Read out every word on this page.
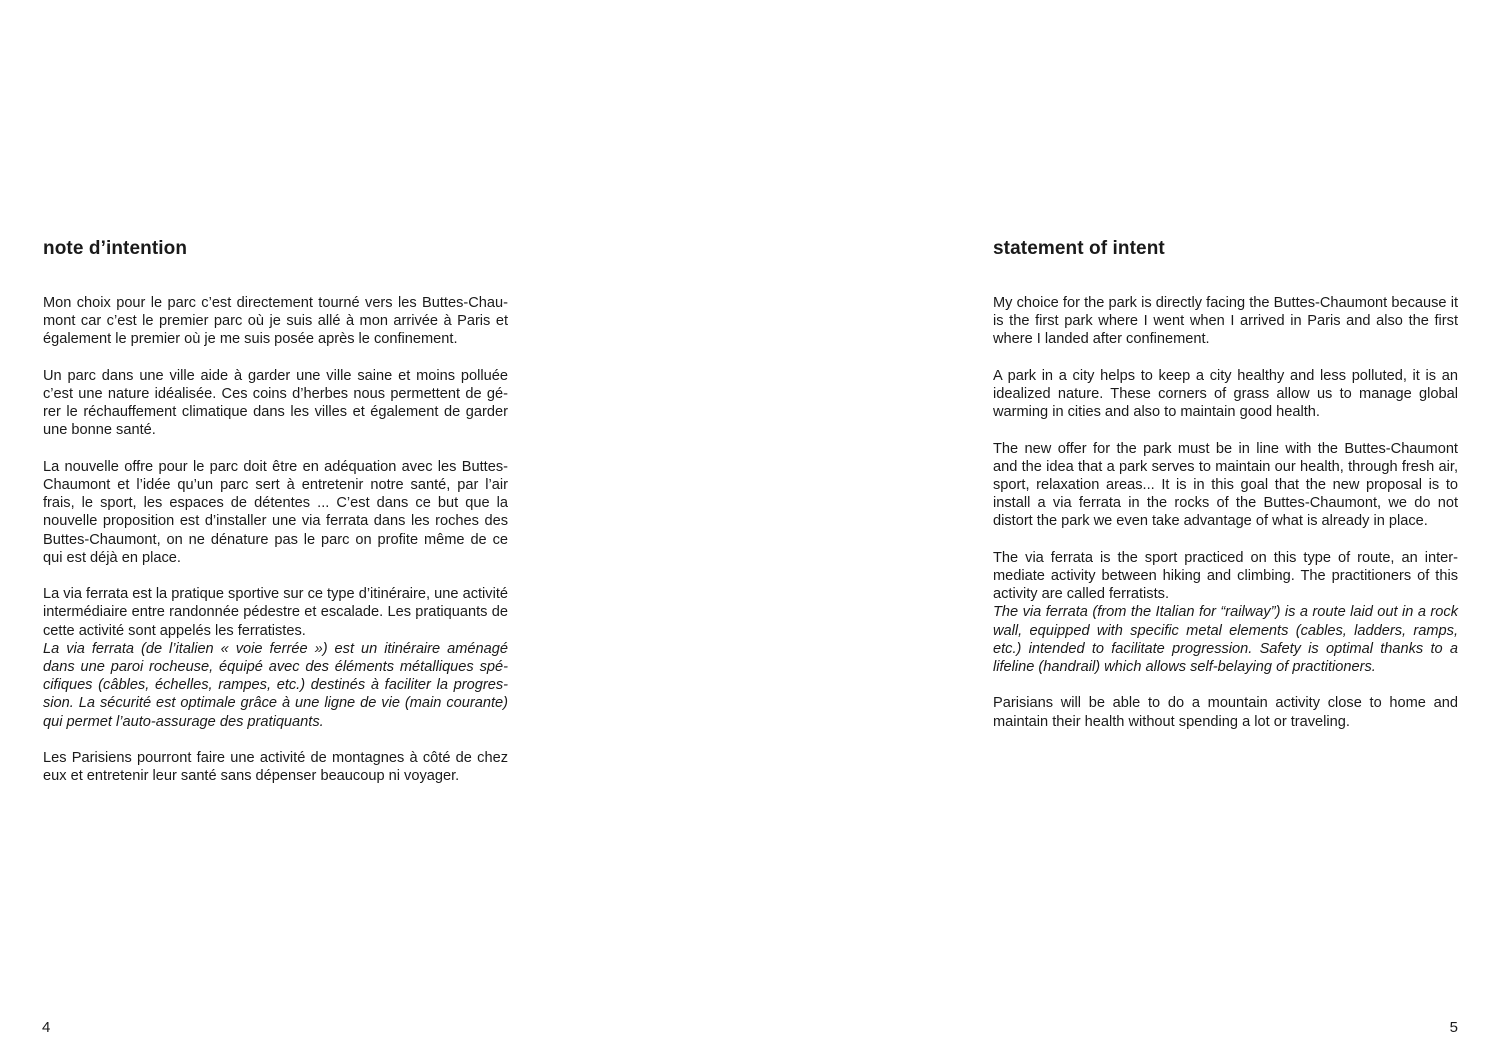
note d’intention

Mon choix pour le parc c’est directement tourné vers les Buttes-Chaumont car c’est le premier parc où je suis allé à mon arrivée à Paris et également le premier où je me suis posée après le confinement.

Un parc dans une ville aide à garder une ville saine et moins polluée c’est une nature idéalisée. Ces coins d’herbes nous permettent de gérer le réchauffement climatique dans les villes et également de garder une bonne santé.

La nouvelle offre pour le parc doit être en adéquation avec les Buttes-Chaumont et l’idée qu’un parc sert à entretenir notre santé, par l’air frais, le sport, les espaces de détentes ... C’est dans ce but que la nouvelle proposition est d’installer une via ferrata dans les roches des Buttes-Chaumont, on ne dénature pas le parc on profite même de ce qui est déjà en place.

La via ferrata est la pratique sportive sur ce type d’itinéraire, une activité intermédiaire entre randonnée pédestre et escalade. Les pratiquants de cette activité sont appelés les ferratistes.
La via ferrata (de l’italien « voie ferrée ») est un itinéraire aménagé dans une paroi rocheuse, équipé avec des éléments métalliques spécifiques (câbles, échelles, rampes, etc.) destinés à faciliter la progression. La sécurité est optimale grâce à une ligne de vie (main courante) qui permet l’auto-assurage des pratiquants.

Les Parisiens pourront faire une activité de montagnes à côté de chez eux et entretenir leur santé sans dépenser beaucoup ni voyager.

4
statement of intent

My choice for the park is directly facing the Buttes-Chaumont because it is the first park where I went when I arrived in Paris and also the first where I landed after confinement.

A park in a city helps to keep a city healthy and less polluted, it is an idealized nature. These corners of grass allow us to manage global warming in cities and also to maintain good health.

The new offer for the park must be in line with the Buttes-Chaumont and the idea that a park serves to maintain our health, through fresh air, sport, relaxation areas... It is in this goal that the new proposal is to install a via ferrata in the rocks of the Buttes-Chaumont, we do not distort the park we even take advantage of what is already in place.

The via ferrata is the sport practiced on this type of route, an intermediate activity between hiking and climbing. The practitioners of this activity are called ferratists.
The via ferrata (from the Italian for “railway”) is a route laid out in a rock wall, equipped with specific metal elements (cables, ladders, ramps, etc.) intended to facilitate progression. Safety is optimal thanks to a lifeline (handrail) which allows self-belaying of practitioners.

Parisians will be able to do a mountain activity close to home and maintain their health without spending a lot or traveling.

5
